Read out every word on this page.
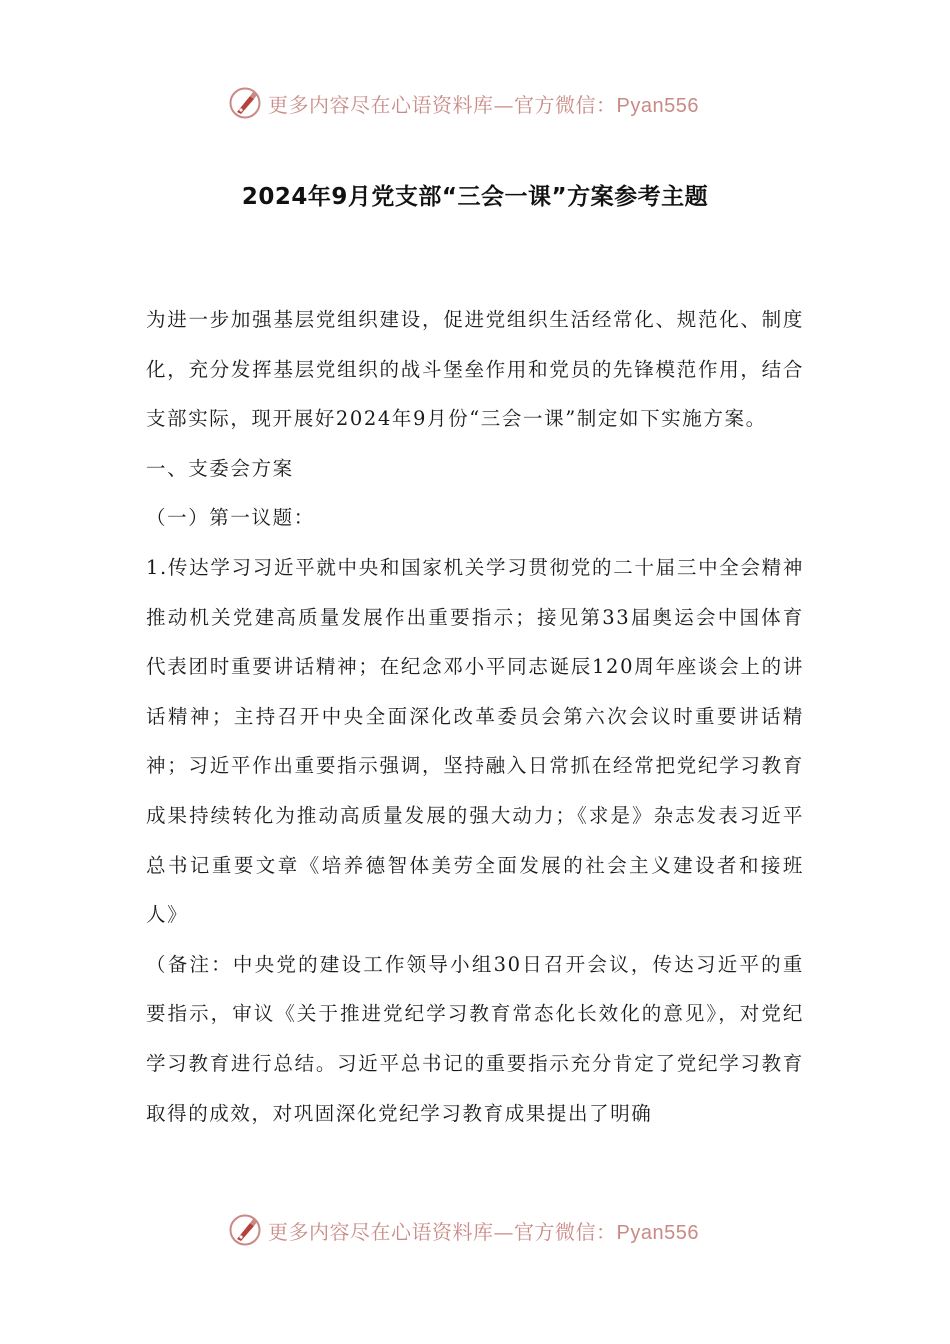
更多内容尽在心语资料库—官方微信：Pyan556
2024年9月党支部“三会一课”方案参考主题

为进一步加强基层党组织建设，促进党组织生活经常化、规范化、制度化，充分发挥基层党组织的战斗堡垒作用和党员的先锋模范作用，结合支部实际，现开展好2024年9月份“三会一课”制定如下实施方案。

一、支委会方案

（一）第一议题：

1.传达学习习近平就中央和国家机关学习贯彻党的二十届三中全会精神推动机关党建高质量发展作出重要指示；接见第33届奥运会中国体育代表团时重要讲话精神；在纪念邓小平同志诞辰120周年座谈会上的讲话精神；主持召开中央全面深化改革委员会第六次会议时重要讲话精神；习近平作出重要指示强调，坚持融入日常抓在经常把党纪学习教育成果持续转化为推动高质量发展的强大动力；《求是》杂志发表习近平总书记重要文章《培养德智体美劳全面发展的社会主义建设者和接班人》

（备注：中央党的建设工作领导小组30日召开会议，传达习近平的重要指示，审议《关于推进党纪学习教育常态化长效化的意见》，对党纪学习教育进行总结。习近平总书记的重要指示充分肯定了党纪学习教育取得的成效，对巩固深化党纪学习教育成果提出了明确

更多内容尽在心语资料库—官方微信：Pyan556
